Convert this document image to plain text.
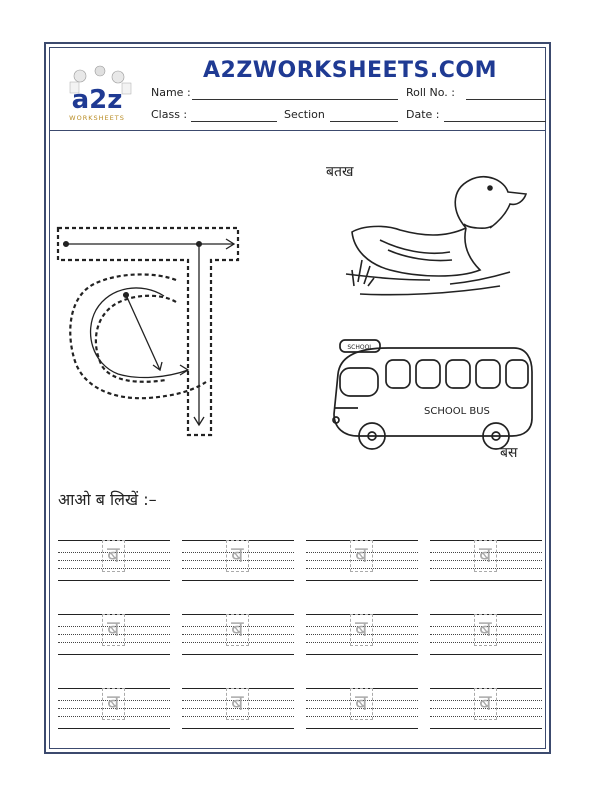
a2z
WORKSHEETS
A2ZWORKSHEETS.COM
Name :	Roll No. :
Class :	Section	Date :
बतख
SCHOOL
SCHOOL BUS
बस
आओ ब लिखें :–
ब	ब	ब	ब
ब	ब	ब	ब
ब	ब	ब	ब
